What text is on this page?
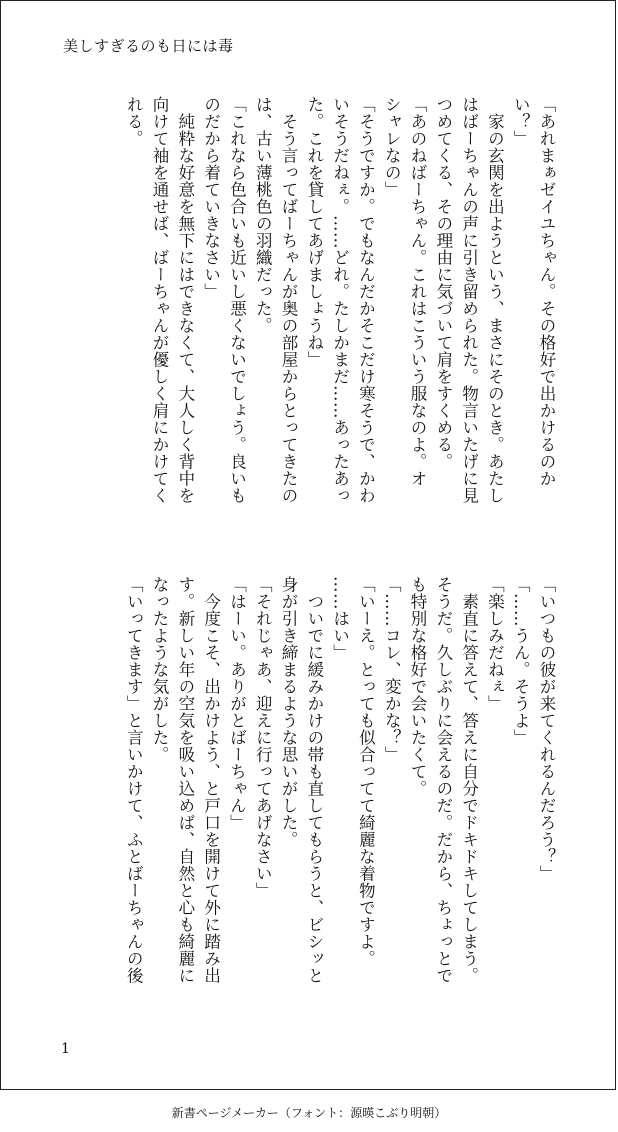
美しすぎるのも日には毒
「あれまぁゼイユちゃん。その格好で出かけるのか
い？」
　家の玄関を出ようという、まさにそのとき。あたし
はばーちゃんの声に引き留められた。物言いたげに見
つめてくる、その理由に気づいて肩をすくめる。
「あのねばーちゃん。これはこういう服なのよ。オ
シャレなの」
「そうですか。でもなんだかそこだけ寒そうで、かわ
いそうだねぇ。……どれ。たしかまだ……あったあっ
た。これを貸してあげましょうね」
　そう言ってばーちゃんが奥の部屋からとってきたの
は、古い薄桃色の羽織だった。
「これなら色合いも近いし悪くないでしょう。良いも
のだから着ていきなさい」
　純粋な好意を無下にはできなくて、大人しく背中を
向けて袖を通せば、ばーちゃんが優しく肩にかけてく
れる。
「いつもの彼が来てくれるんだろう？」
「……うん。そうよ」
「楽しみだねぇ」
　素直に答えて、答えに自分でドキドキしてしまう。
そうだ。久しぶりに会えるのだ。だから、ちょっとで
も特別な格好で会いたくて。
「……コレ、変かな？」
「いーえ。とっても似合ってて綺麗な着物ですよ。
……はい」
　ついでに緩みかけの帯も直してもらうと、ビシッと
身が引き締まるような思いがした。
「それじゃあ、迎えに行ってあげなさい」
「はーい。ありがとばーちゃん」
　今度こそ、出かけよう、と戸口を開けて外に踏み出
す。新しい年の空気を吸い込めば、自然と心も綺麗に
なったような気がした。
「いってきます」と言いかけて、ふとばーちゃんの後
1
新書ページメーカー（フォント：源暎こぶり明朝）
